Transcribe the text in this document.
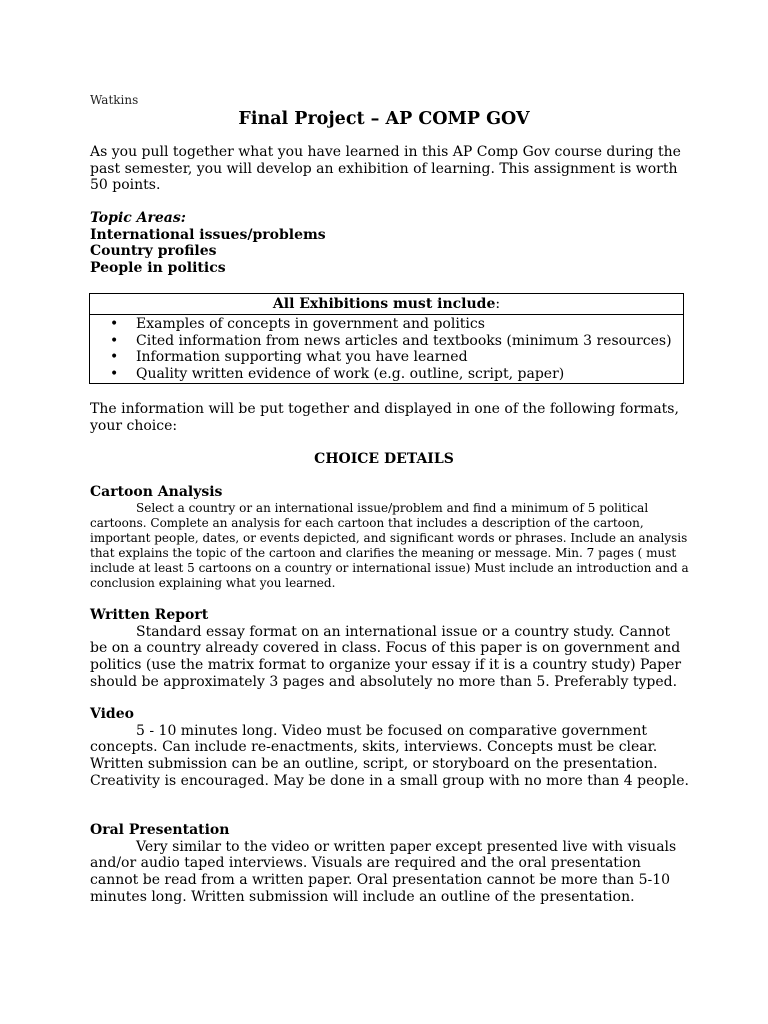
Watkins
Final Project – AP COMP GOV

As you pull together what you have learned in this AP Comp Gov course during the past semester, you will develop an exhibition of learning. This assignment is worth 50 points.

Topic Areas:
International issues/problems
Country profiles
People in politics
All Exhibitions must include:
• Examples of concepts in government and politics
• Cited information from news articles and textbooks (minimum 3 resources)
• Information supporting what you have learned
• Quality written evidence of work (e.g. outline, script, paper)

The information will be put together and displayed in one of the following formats, your choice:

CHOICE DETAILS
Cartoon Analysis

Select a country or an international issue/problem and find a minimum of 5 political cartoons. Complete an analysis for each cartoon that includes a description of the cartoon, important people, dates, or events depicted, and significant words or phrases. Include an analysis that explains the topic of the cartoon and clarifies the meaning or message. Min. 7 pages ( must include at least 5 cartoons on a country or international issue) Must include an introduction and a conclusion explaining what you learned.

Written Report

Standard essay format on an international issue or a country study. Cannot be on a country already covered in class. Focus of this paper is on government and politics (use the matrix format to organize your essay if it is a country study) Paper should be approximately 3 pages and absolutely no more than 5. Preferably typed.

Video

5 - 10 minutes long. Video must be focused on comparative government concepts. Can include re-enactments, skits, interviews. Concepts must be clear. Written submission can be an outline, script, or storyboard on the presentation. Creativity is encouraged. May be done in a small group with no more than 4 people.

Oral Presentation

Very similar to the video or written paper except presented live with visuals and/or audio taped interviews. Visuals are required and the oral presentation cannot be read from a written paper. Oral presentation cannot be more than 5-10 minutes long. Written submission will include an outline of the presentation.
